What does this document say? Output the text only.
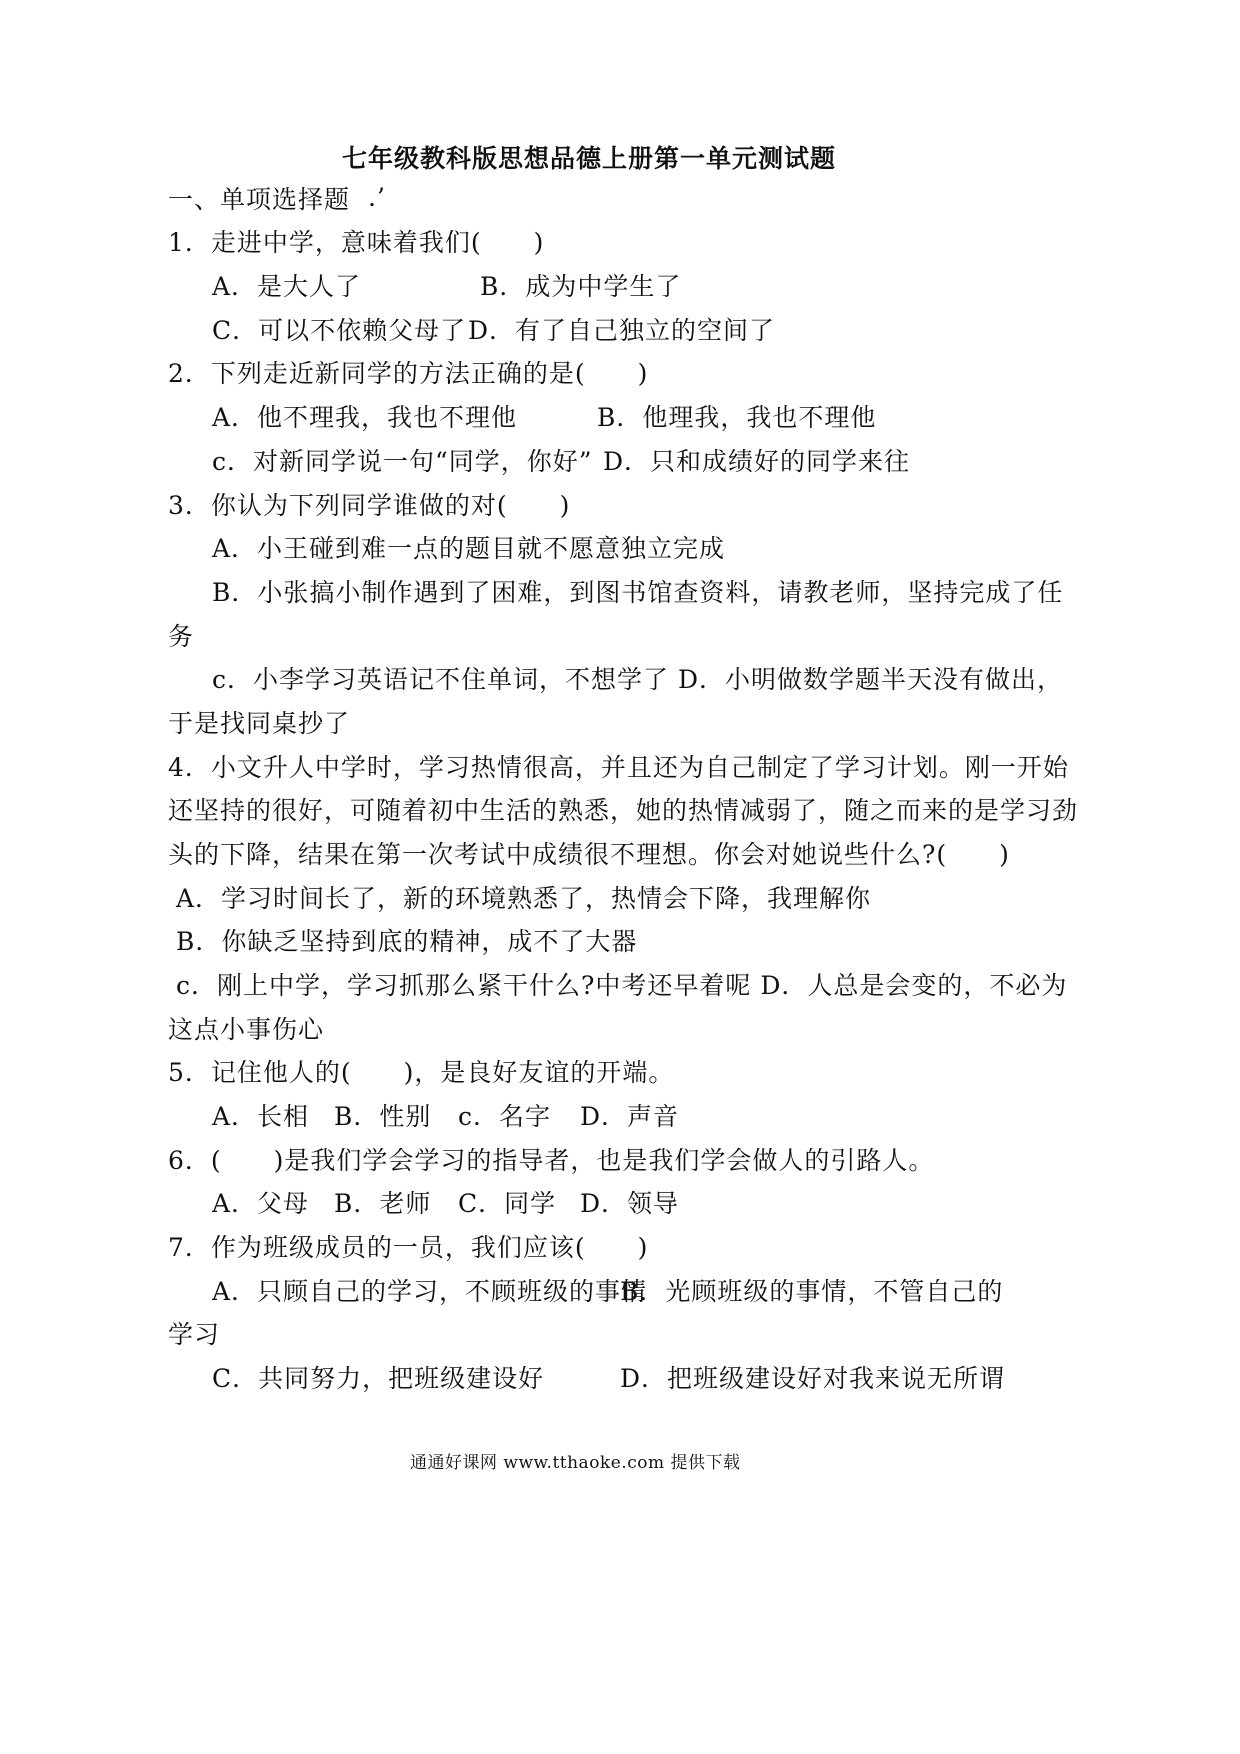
七年级教科版思想品德上册第一单元测试题
一、单项选择题 .’
1．走进中学，意味着我们(　　)
A．是大人了	B．成为中学生了
C．可以不依赖父母了 D．有了自己独立的空间了
2．下列走近新同学的方法正确的是(　　)
A．他不理我，我也不理他	B．他理我，我也不理他
c．对新同学说一句“同学，你好” D．只和成绩好的同学来往
3．你认为下列同学谁做的对(　　)
A．小王碰到难一点的题目就不愿意独立完成
B．小张搞小制作遇到了困难，到图书馆查资料，请教老师，坚持完成了任
务
c．小李学习英语记不住单词，不想学了 D．小明做数学题半天没有做出，
于是找同桌抄了
4．小文升人中学时，学习热情很高，并且还为自己制定了学习计划。刚一开始
还坚持的很好，可随着初中生活的熟悉，她的热情减弱了，随之而来的是学习劲
头的下降，结果在第一次考试中成绩很不理想。你会对她说些什么?(　　)
A．学习时间长了，新的环境熟悉了，热情会下降，我理解你
B．你缺乏坚持到底的精神，成不了大器
c．刚上中学，学习抓那么紧干什么?中考还早着呢 D．人总是会变的，不必为
这点小事伤心
5．记住他人的(　　)，是良好友谊的开端。
A．长相 B．性别 c．名字 D．声音
6．(　　)是我们学会学习的指导者，也是我们学会做人的引路人。
A．父母 B．老师 C．同学 D．领导
7．作为班级成员的一员，我们应该(　　)
A．只顾自己的学习，不顾班级的事情
B．光顾班级的事情，不管自己的
学习
C．共同努力，把班级建设好	D．把班级建设好对我来说无所谓
通通好课网 www.tthaoke.com 提供下载
